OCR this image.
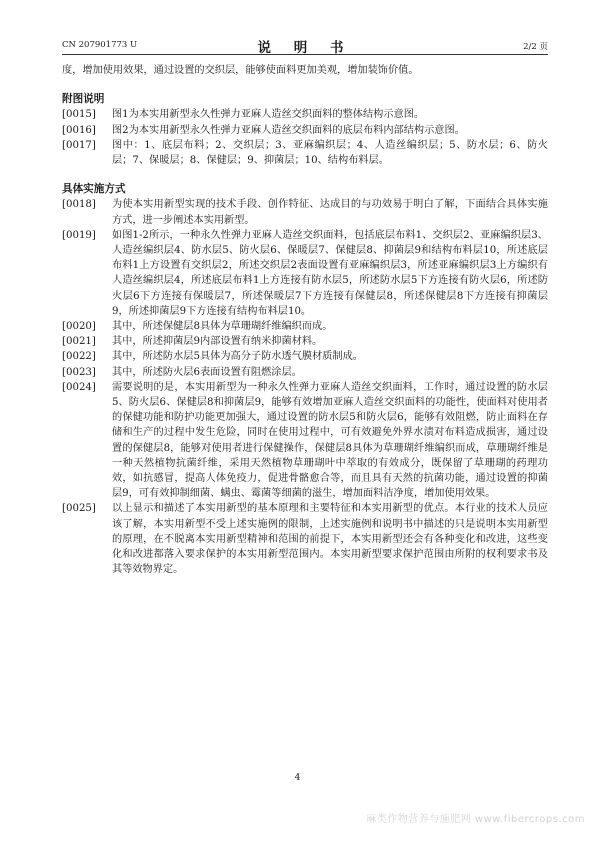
CN 207901773 U	说 明 书	2/2 页

度，增加使用效果，通过设置的交织层，能够使面料更加美观，增加装饰价值。

附图说明

[0015]	图1为本实用新型永久性弹力亚麻人造丝交织面料的整体结构示意图。
[0016]	图2为本实用新型永久性弹力亚麻人造丝交织面料的底层布料内部结构示意图。
[0017]	图中：1、底层布料；2、交织层；3、亚麻编织层；4、人造丝编织层；5、防水层；6、防火层；7、保暖层；8、保健层；9、抑菌层；10、结构布料层。

具体实施方式

[0018]	为使本实用新型实现的技术手段、创作特征、达成目的与功效易于明白了解，下面结合具体实施方式，进一步阐述本实用新型。
[0019]	如图1-2所示，一种永久性弹力亚麻人造丝交织面料，包括底层布料1、交织层2、亚麻编织层3、人造丝编织层4、防水层5、防火层6、保暖层7、保健层8、抑菌层9和结构布料层10，所述底层布料1上方设置有交织层2，所述交织层2表面设置有亚麻编织层3，所述亚麻编织层3上方编织有人造丝编织层4，所述底层布料1上方连接有防水层5，所述防水层5下方连接有防火层6，所述防火层6下方连接有保暖层7，所述保暖层7下方连接有保健层8，所述保健层8下方连接有抑菌层9，所述抑菌层9下方连接有结构布料层10。
[0020]	其中，所述保健层8具体为草珊瑚纤维编织而成。
[0021]	其中，所述抑菌层9内部设置有纳米抑菌材料。
[0022]	其中，所述防水层5具体为高分子防水透气膜材质制成。
[0023]	其中，所述防火层6表面设置有阻燃涂层。
[0024]	需要说明的是，本实用新型为一种永久性弹力亚麻人造丝交织面料，工作时，通过设置的防水层5、防火层6、保健层8和抑菌层9，能够有效增加亚麻人造丝交织面料的功能性，使面料对使用者的保健功能和防护功能更加强大，通过设置的防水层5和防火层6，能够有效阻燃，防止面料在存储和生产的过程中发生危险，同时在使用过程中，可有效避免外界水渍对布料造成损害，通过设置的保健层8，能够对使用者进行保健操作，保健层8具体为草珊瑚纤维编织而成，草珊瑚纤维是一种天然植物抗菌纤维，采用天然植物草珊瑚叶中萃取的有效成分，既保留了草珊瑚的药理功效，如抗感冒，提高人体免疫力，促进骨骼愈合等，而且具有天然的抗菌功能，通过设置的抑菌层9，可有效抑制细菌、螨虫、霉菌等细菌的滋生，增加面料洁净度，增加使用效果。
[0025]	以上显示和描述了本实用新型的基本原理和主要特征和本实用新型的优点。本行业的技术人员应该了解，本实用新型不受上述实施例的限制，上述实施例和说明书中描述的只是说明本实用新型的原理，在不脱离本实用新型精神和范围的前提下，本实用新型还会有各种变化和改进，这些变化和改进都落入要求保护的本实用新型范围内。本实用新型要求保护范围由所附的权利要求书及其等效物界定。
4
麻类作物营养与施肥网 www.fibercrops.com
